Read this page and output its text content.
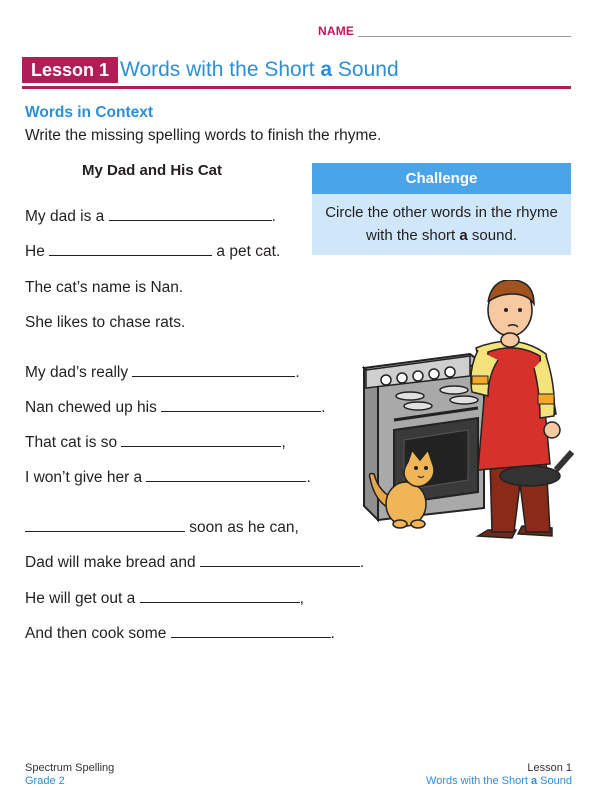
NAME
Lesson 1 Words with the Short a Sound
Words in Context
Write the missing spelling words to finish the rhyme.
My Dad and His Cat	Challenge
Circle the other words in the rhyme with the short a sound.
My dad is a	.
He	a pet cat.
The cat’s name is Nan.
She likes to chase rats.
My dad’s really	.
Nan chewed up his	.
That cat is so	,
I won’t give her a	.
soon as he can,
Dad will make bread and	.
He will get out a	,
And then cook some	.
Spectrum Spelling
Grade 2
Lesson 1
Words with the Short a Sound
